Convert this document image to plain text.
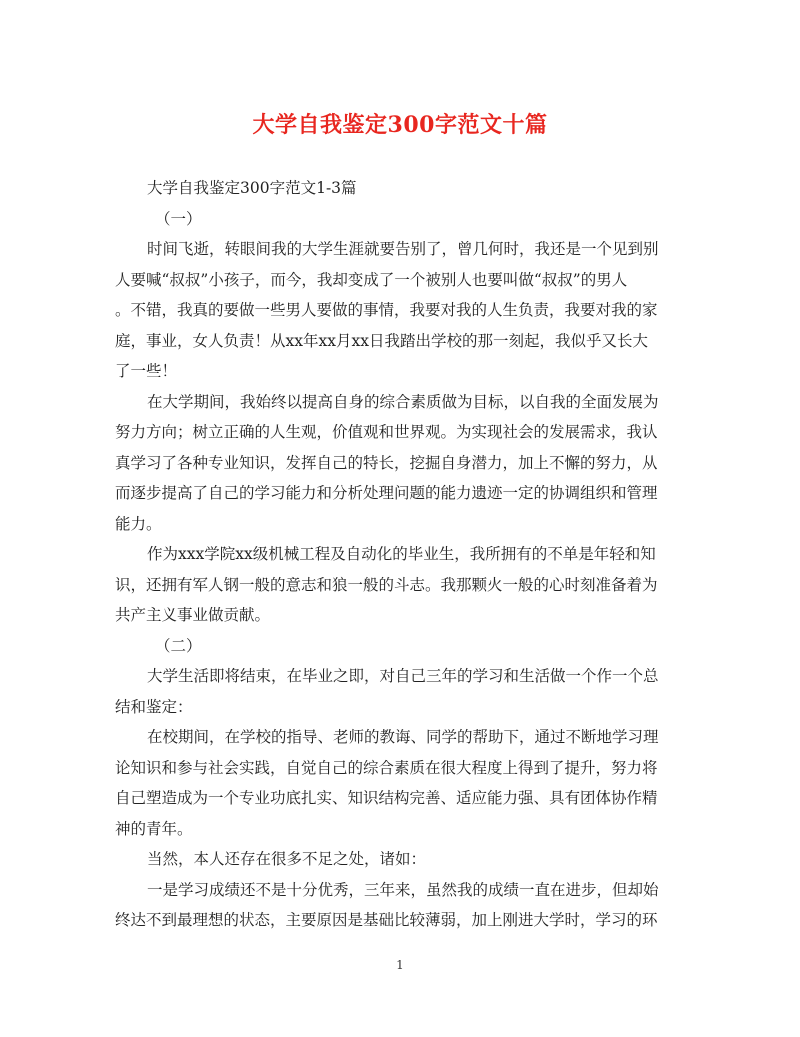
大学自我鉴定300字范文十篇
大学自我鉴定300字范文1-3篇
（一）
时间飞逝，转眼间我的大学生涯就要告别了，曾几何时，我还是一个见到别
人要喊“叔叔”小孩子，而今，我却变成了一个被别人也要叫做“叔叔”的男人
。不错，我真的要做一些男人要做的事情，我要对我的人生负责，我要对我的家
庭，事业，女人负责！从xx年xx月xx日我踏出学校的那一刻起，我似乎又长大
了一些！
在大学期间，我始终以提高自身的综合素质做为目标，以自我的全面发展为
努力方向；树立正确的人生观，价值观和世界观。为实现社会的发展需求，我认
真学习了各种专业知识，发挥自己的特长，挖掘自身潜力，加上不懈的努力，从
而逐步提高了自己的学习能力和分析处理问题的能力遗迹一定的协调组织和管理
能力。
作为xxx学院xx级机械工程及自动化的毕业生，我所拥有的不单是年轻和知
识，还拥有军人钢一般的意志和狼一般的斗志。我那颗火一般的心时刻准备着为
共产主义事业做贡献。
（二）
大学生活即将结束，在毕业之即，对自己三年的学习和生活做一个作一个总
结和鉴定：
在校期间，在学校的指导、老师的教诲、同学的帮助下，通过不断地学习理
论知识和参与社会实践，自觉自己的综合素质在很大程度上得到了提升，努力将
自己塑造成为一个专业功底扎实、知识结构完善、适应能力强、具有团体协作精
神的青年。
当然，本人还存在很多不足之处，诸如：
一是学习成绩还不是十分优秀，三年来，虽然我的成绩一直在进步，但却始
终达不到最理想的状态，主要原因是基础比较薄弱，加上刚进大学时，学习的环
1
